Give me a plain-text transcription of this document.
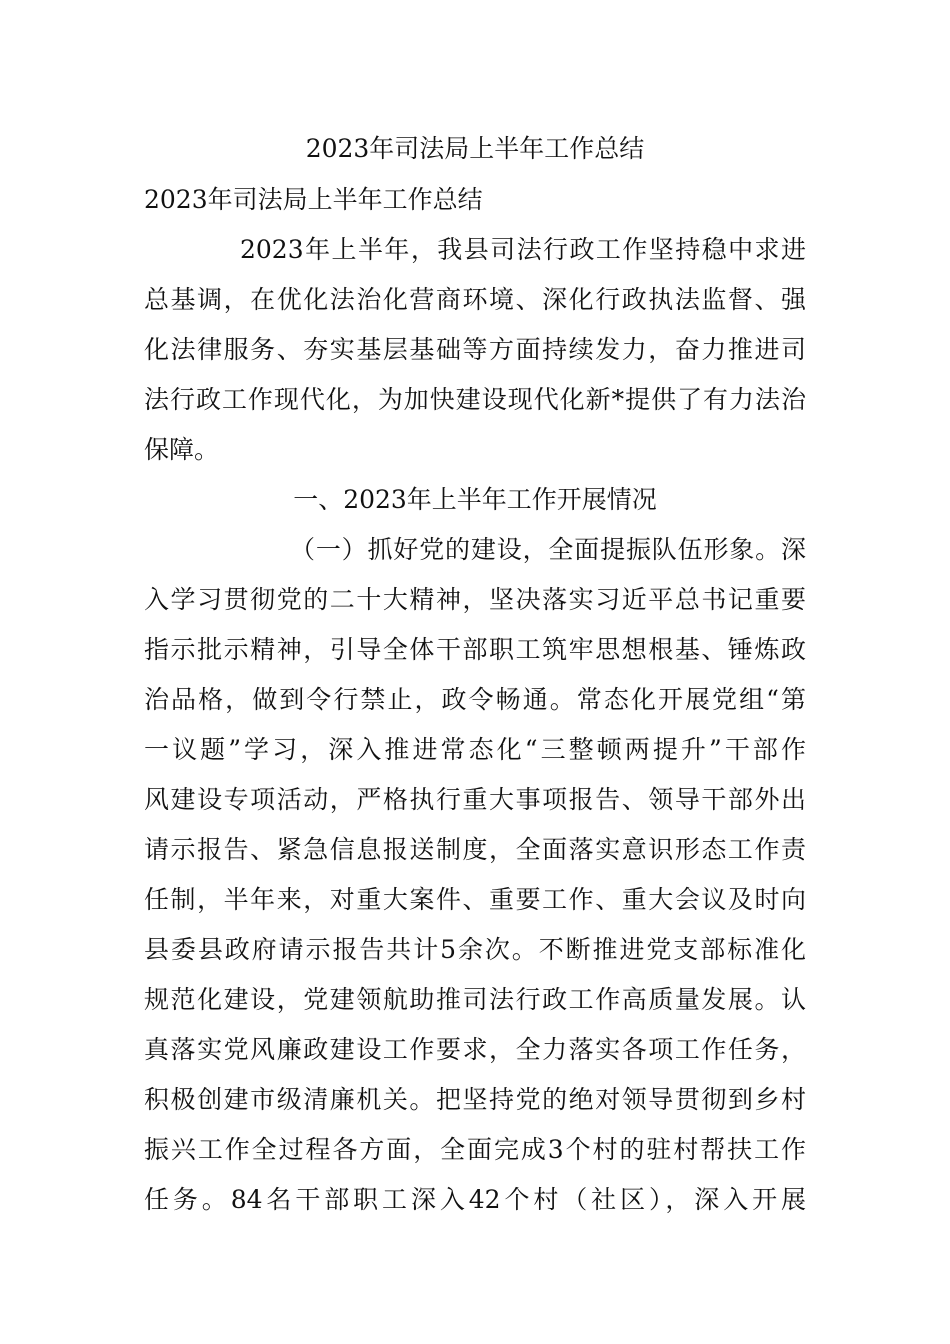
2023年司法局上半年工作总结
2023年司法局上半年工作总结
2023年上半年，我县司法行政工作坚持稳中求进
总基调，在优化法治化营商环境、深化行政执法监督、强
化法律服务、夯实基层基础等方面持续发力，奋力推进司
法行政工作现代化，为加快建设现代化新*提供了有力法治
保障。
一、2023年上半年工作开展情况
（一）抓好党的建设，全面提振队伍形象。深
入学习贯彻党的二十大精神，坚决落实习近平总书记重要
指示批示精神，引导全体干部职工筑牢思想根基、锤炼政
治品格，做到令行禁止，政令畅通。常态化开展党组“第
一议题”学习，深入推进常态化“三整顿两提升”干部作
风建设专项活动，严格执行重大事项报告、领导干部外出
请示报告、紧急信息报送制度，全面落实意识形态工作责
任制，半年来，对重大案件、重要工作、重大会议及时向
县委县政府请示报告共计5余次。不断推进党支部标准化
规范化建设，党建领航助推司法行政工作高质量发展。认
真落实党风廉政建设工作要求，全力落实各项工作任务，
积极创建市级清廉机关。把坚持党的绝对领导贯彻到乡村
振兴工作全过程各方面，全面完成3个村的驻村帮扶工作
任务。84名干部职工深入42个村（社区），深入开展
